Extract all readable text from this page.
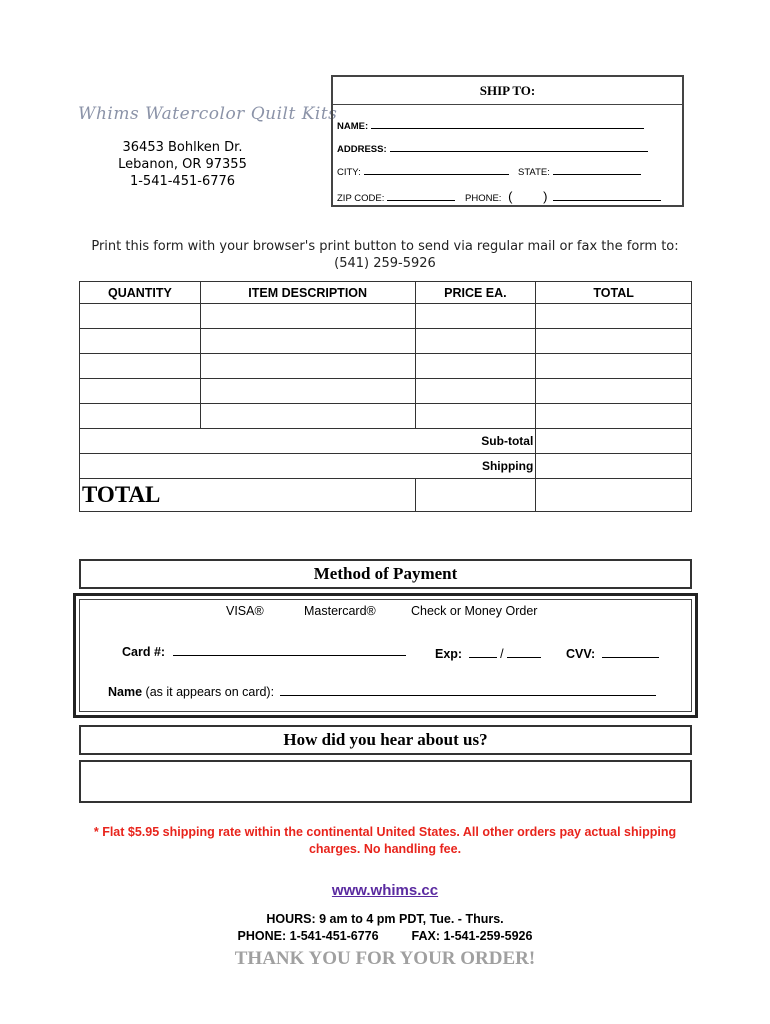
Whims Watercolor Quilt Kits
36453 Bohlken Dr.
Lebanon, OR 97355
1-541-451-6776
SHIP TO:
NAME:
ADDRESS:
CITY:	STATE:
ZIP CODE:	PHONE: ( )
Print this form with your browser's print button to send via regular mail or fax the form to:
(541) 259-5926
QUANTITY	ITEM DESCRIPTION	PRICE EA.	TOTAL

Sub-total			
Shipping			
TOTAL			
Method of Payment
VISA®	Mastercard®	Check or Money Order
Card #:	Exp:	/	CVV:
Name (as it appears on card):
How did you hear about us?
* Flat $5.95 shipping rate within the continental United States. All other orders pay actual shipping
charges. No handling fee.
www.whims.cc
HOURS: 9 am to 4 pm PDT, Tue. - Thurs.
PHONE: 1-541-451-6776	FAX: 1-541-259-5926
THANK YOU FOR YOUR ORDER!
